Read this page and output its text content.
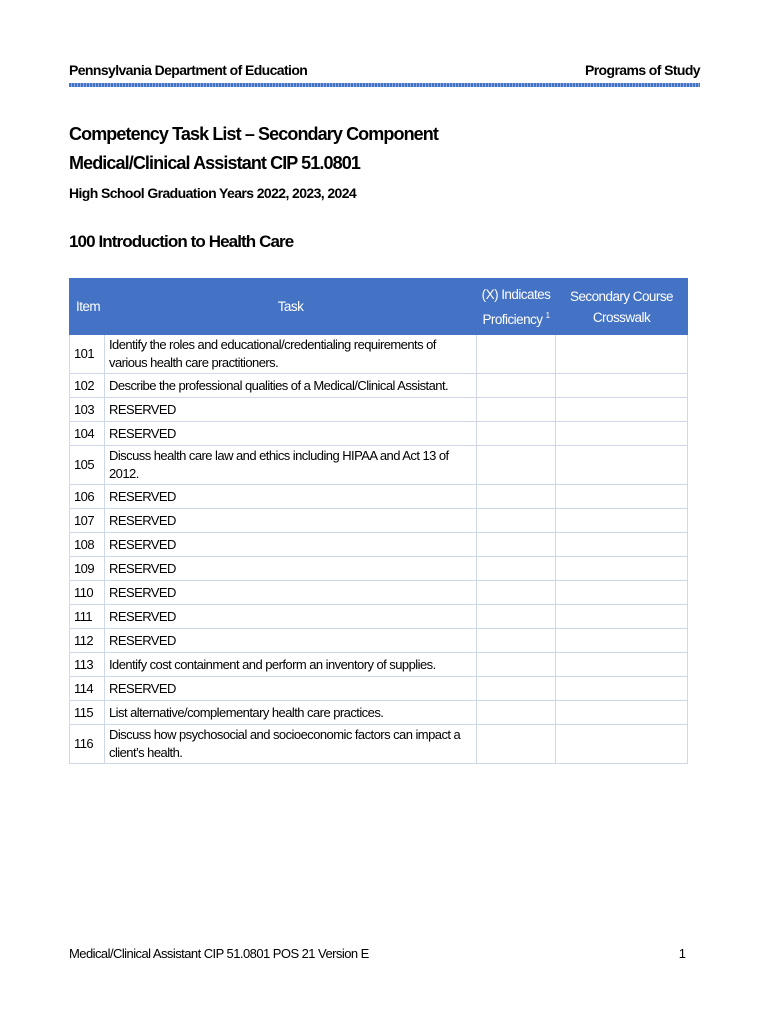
Pennsylvania Department of Education	Programs of Study
Competency Task List – Secondary Component
Medical/Clinical Assistant CIP 51.0801
High School Graduation Years 2022, 2023, 2024
100 Introduction to Health Care
Item	Task	(X) Indicates Proficiency $^1$	Secondary Course Crosswalk
101	Identify the roles and educational/credentialing requirements of various health care practitioners.		
102	Describe the professional qualities of a Medical/Clinical Assistant.		
103	RESERVED		
104	RESERVED		
105	Discuss health care law and ethics including HIPAA and Act 13 of 2012.		
106	RESERVED		
107	RESERVED		
108	RESERVED		
109	RESERVED		
110	RESERVED		
111	RESERVED		
112	RESERVED		
113	Identify cost containment and perform an inventory of supplies.		
114	RESERVED		
115	List alternative/complementary health care practices.		
116	Discuss how psychosocial and socioeconomic factors can impact a client’s health.		
Medical/Clinical Assistant CIP 51.0801 POS 21 Version E	1
